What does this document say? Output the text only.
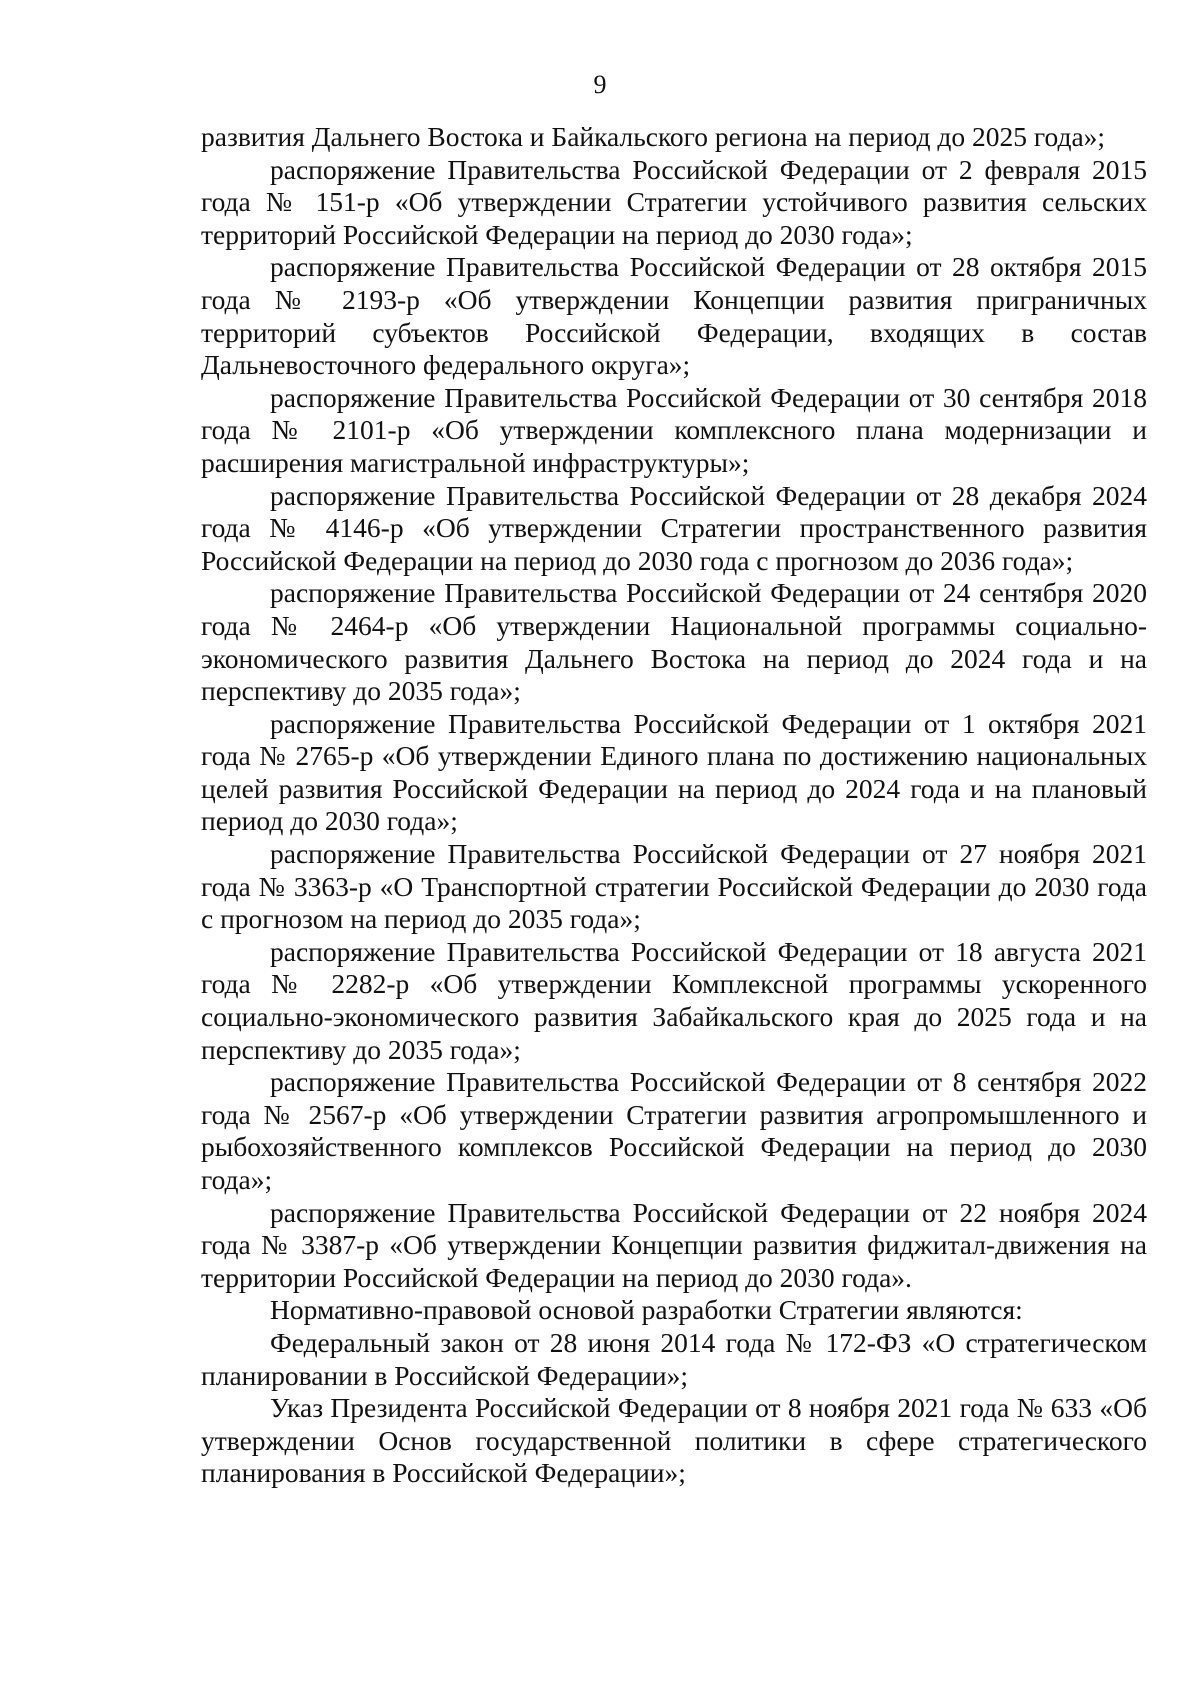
9

развития Дальнего Востока и Байкальского региона на период до 2025 года»;

распоряжение Правительства Российской Федерации от 2 февраля 2015 года № 151-р «Об утверждении Стратегии устойчивого развития сельских территорий Российской Федерации на период до 2030 года»;

распоряжение Правительства Российской Федерации от 28 октября 2015 года № 2193-р «Об утверждении Концепции развития приграничных территорий субъектов Российской Федерации, входящих в состав Дальневосточного федерального округа»;

распоряжение Правительства Российской Федерации от 30 сентября 2018 года № 2101-р «Об утверждении комплексного плана модернизации и расширения магистральной инфраструктуры»;

распоряжение Правительства Российской Федерации от 28 декабря 2024 года № 4146-р «Об утверждении Стратегии пространственного развития Российской Федерации на период до 2030 года с прогнозом до 2036 года»;

распоряжение Правительства Российской Федерации от 24 сентября 2020 года № 2464-р «Об утверждении Национальной программы социально-экономического развития Дальнего Востока на период до 2024 года и на перспективу до 2035 года»;

распоряжение Правительства Российской Федерации от 1 октября 2021 года № 2765-р «Об утверждении Единого плана по достижению национальных целей развития Российской Федерации на период до 2024 года и на плановый период до 2030 года»;

распоряжение Правительства Российской Федерации от 27 ноября 2021 года № 3363-р «О Транспортной стратегии Российской Федерации до 2030 года с прогнозом на период до 2035 года»;

распоряжение Правительства Российской Федерации от 18 августа 2021 года № 2282-р «Об утверждении Комплексной программы ускоренного социально-экономического развития Забайкальского края до 2025 года и на перспективу до 2035 года»;

распоряжение Правительства Российской Федерации от 8 сентября 2022 года № 2567-р «Об утверждении Стратегии развития агропромышленного и рыбохозяйственного комплексов Российской Федерации на период до 2030 года»;

распоряжение Правительства Российской Федерации от 22 ноября 2024 года № 3387-р «Об утверждении Концепции развития фиджитал-движения на территории Российской Федерации на период до 2030 года».

Нормативно-правовой основой разработки Стратегии являются:

Федеральный закон от 28 июня 2014 года № 172-ФЗ «О стратегическом планировании в Российской Федерации»;

Указ Президента Российской Федерации от 8 ноября 2021 года № 633 «Об утверждении Основ государственной политики в сфере стратегического планирования в Российской Федерации»;
